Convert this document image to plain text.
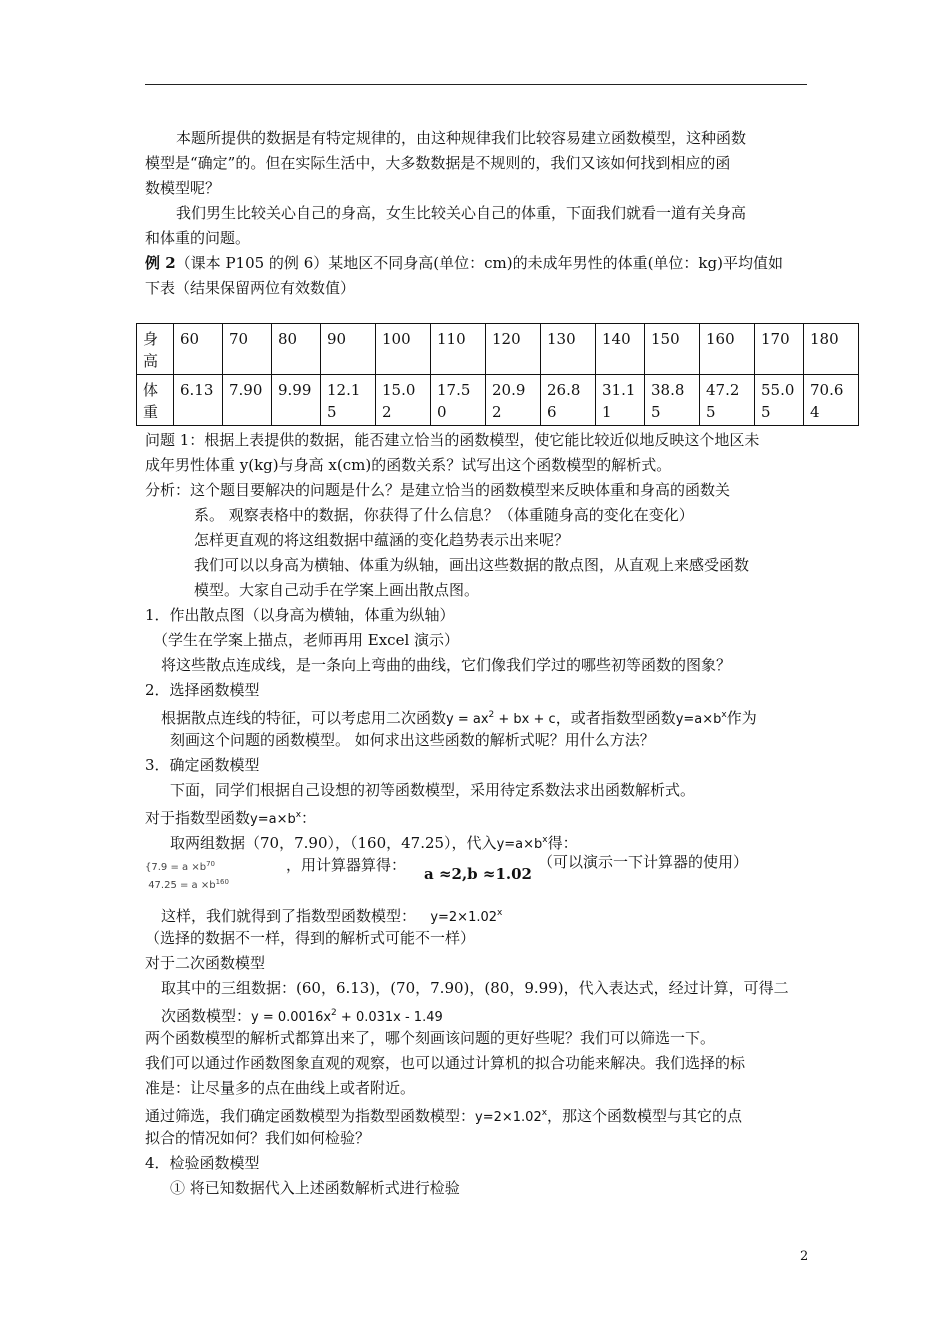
本题所提供的数据是有特定规律的，由这种规律我们比较容易建立函数模型，这种函数
模型是“确定”的。但在实际生活中，大多数数据是不规则的，我们又该如何找到相应的函
数模型呢？
我们男生比较关心自己的身高，女生比较关心自己的体重，下面我们就看一道有关身高
和体重的问题。
例 2（课本 P105 的例 6）某地区不同身高(单位：cm)的未成年男性的体重(单位：kg)平均值如
下表（结果保留两位有效数值）
身高	60	70	80	90	100	110	120	130	140	150	160	170	180
体重	6.13	7.90	9.99	12.15	15.02	17.50	20.92	26.86	31.11	38.85	47.25	55.05	70.64
问题 1：根据上表提供的数据，能否建立恰当的函数模型，使它能比较近似地反映这个地区未
成年男性体重 y(kg)与身高 x(cm)的函数关系？试写出这个函数模型的解析式。
分析：这个题目要解决的问题是什么？是建立恰当的函数模型来反映体重和身高的函数关
系。 观察表格中的数据，你获得了什么信息？（体重随身高的变化在变化）
怎样更直观的将这组数据中蕴涵的变化趋势表示出来呢？
我们可以以身高为横轴、体重为纵轴，画出这些数据的散点图，从直观上来感受函数
模型。大家自己动手在学案上画出散点图。
1．作出散点图（以身高为横轴，体重为纵轴）
（学生在学案上描点，老师再用 Excel 演示）
将这些散点连成线，是一条向上弯曲的曲线，它们像我们学过的哪些初等函数的图象？
2．选择函数模型
根据散点连线的特征，可以考虑用二次函数$y = ax^2$ + bx + c，或者指数型函数$y=a\times b^x$作为
刻画这个问题的函数模型。 如何求出这些函数的解析式呢？用什么方法？
3．确定函数模型
下面，同学们根据自己设想的初等函数模型，采用待定系数法求出函数解析式。
对于指数型函数$y=a\times b^x$：
取两组数据（70，7.90），（160，47.25），代入$y=a\times b^x$得：
{$7.9 = a \times b^{70}$
$47.25 = a \times b^{160}$
，用计算器算得： a ≈2,b ≈1.02
（可以演示一下计算器的使用）
这样，我们就得到了指数型函数模型： $y=2\times 1.02^x$
（选择的数据不一样，得到的解析式可能不一样）
对于二次函数模型
取其中的三组数据：(60，6.13)，(70，7.90)，(80，9.99)，代入表达式，经过计算，可得二
次函数模型：$y = 0.0016x^2 + 0.031x - 1.49$
两个函数模型的解析式都算出来了，哪个刻画该问题的更好些呢？我们可以筛选一下。
我们可以通过作函数图象直观的观察，也可以通过计算机的拟合功能来解决。我们选择的标
准是：让尽量多的点在曲线上或者附近。
通过筛选，我们确定函数模型为指数型函数模型：$y=2\times 1.02^x$，那这个函数模型与其它的点
拟合的情况如何？我们如何检验？
4．检验函数模型
① 将已知数据代入上述函数解析式进行检验
2
